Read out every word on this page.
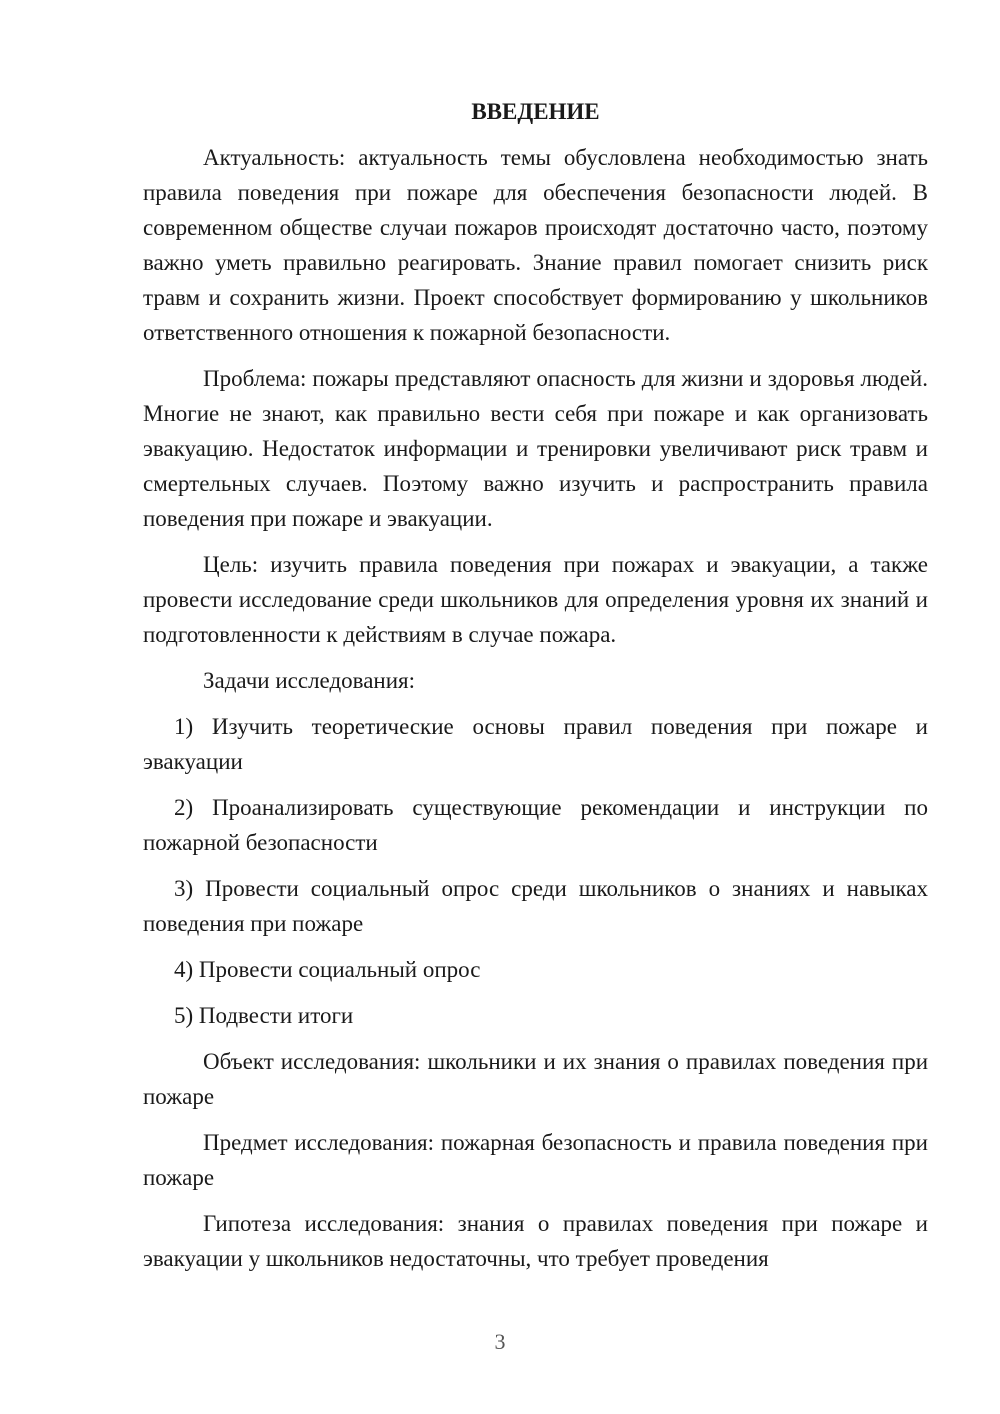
ВВЕДЕНИЕ

Актуальность: актуальность темы обусловлена необходимостью знать правила поведения при пожаре для обеспечения безопасности людей. В современном обществе случаи пожаров происходят достаточно часто, поэтому важно уметь правильно реагировать. Знание правил помогает снизить риск травм и сохранить жизни. Проект способствует формированию у школьников ответственного отношения к пожарной безопасности.

Проблема: пожары представляют опасность для жизни и здоровья людей. Многие не знают, как правильно вести себя при пожаре и как организовать эвакуацию. Недостаток информации и тренировки увеличивают риск травм и смертельных случаев. Поэтому важно изучить и распространить правила поведения при пожаре и эвакуации.

Цель: изучить правила поведения при пожарах и эвакуации, а также провести исследование среди школьников для определения уровня их знаний и подготовленности к действиям в случае пожара.

Задачи исследования:

1) Изучить теоретические основы правил поведения при пожаре и эвакуации

2) Проанализировать существующие рекомендации и инструкции по пожарной безопасности

3) Провести социальный опрос среди школьников о знаниях и навыках поведения при пожаре

4) Провести социальный опрос

5) Подвести итоги

Объект исследования: школьники и их знания о правилах поведения при пожаре

Предмет исследования: пожарная безопасность и правила поведения при пожаре

Гипотеза исследования: знания о правилах поведения при пожаре и эвакуации у школьников недостаточны, что требует проведения

3
